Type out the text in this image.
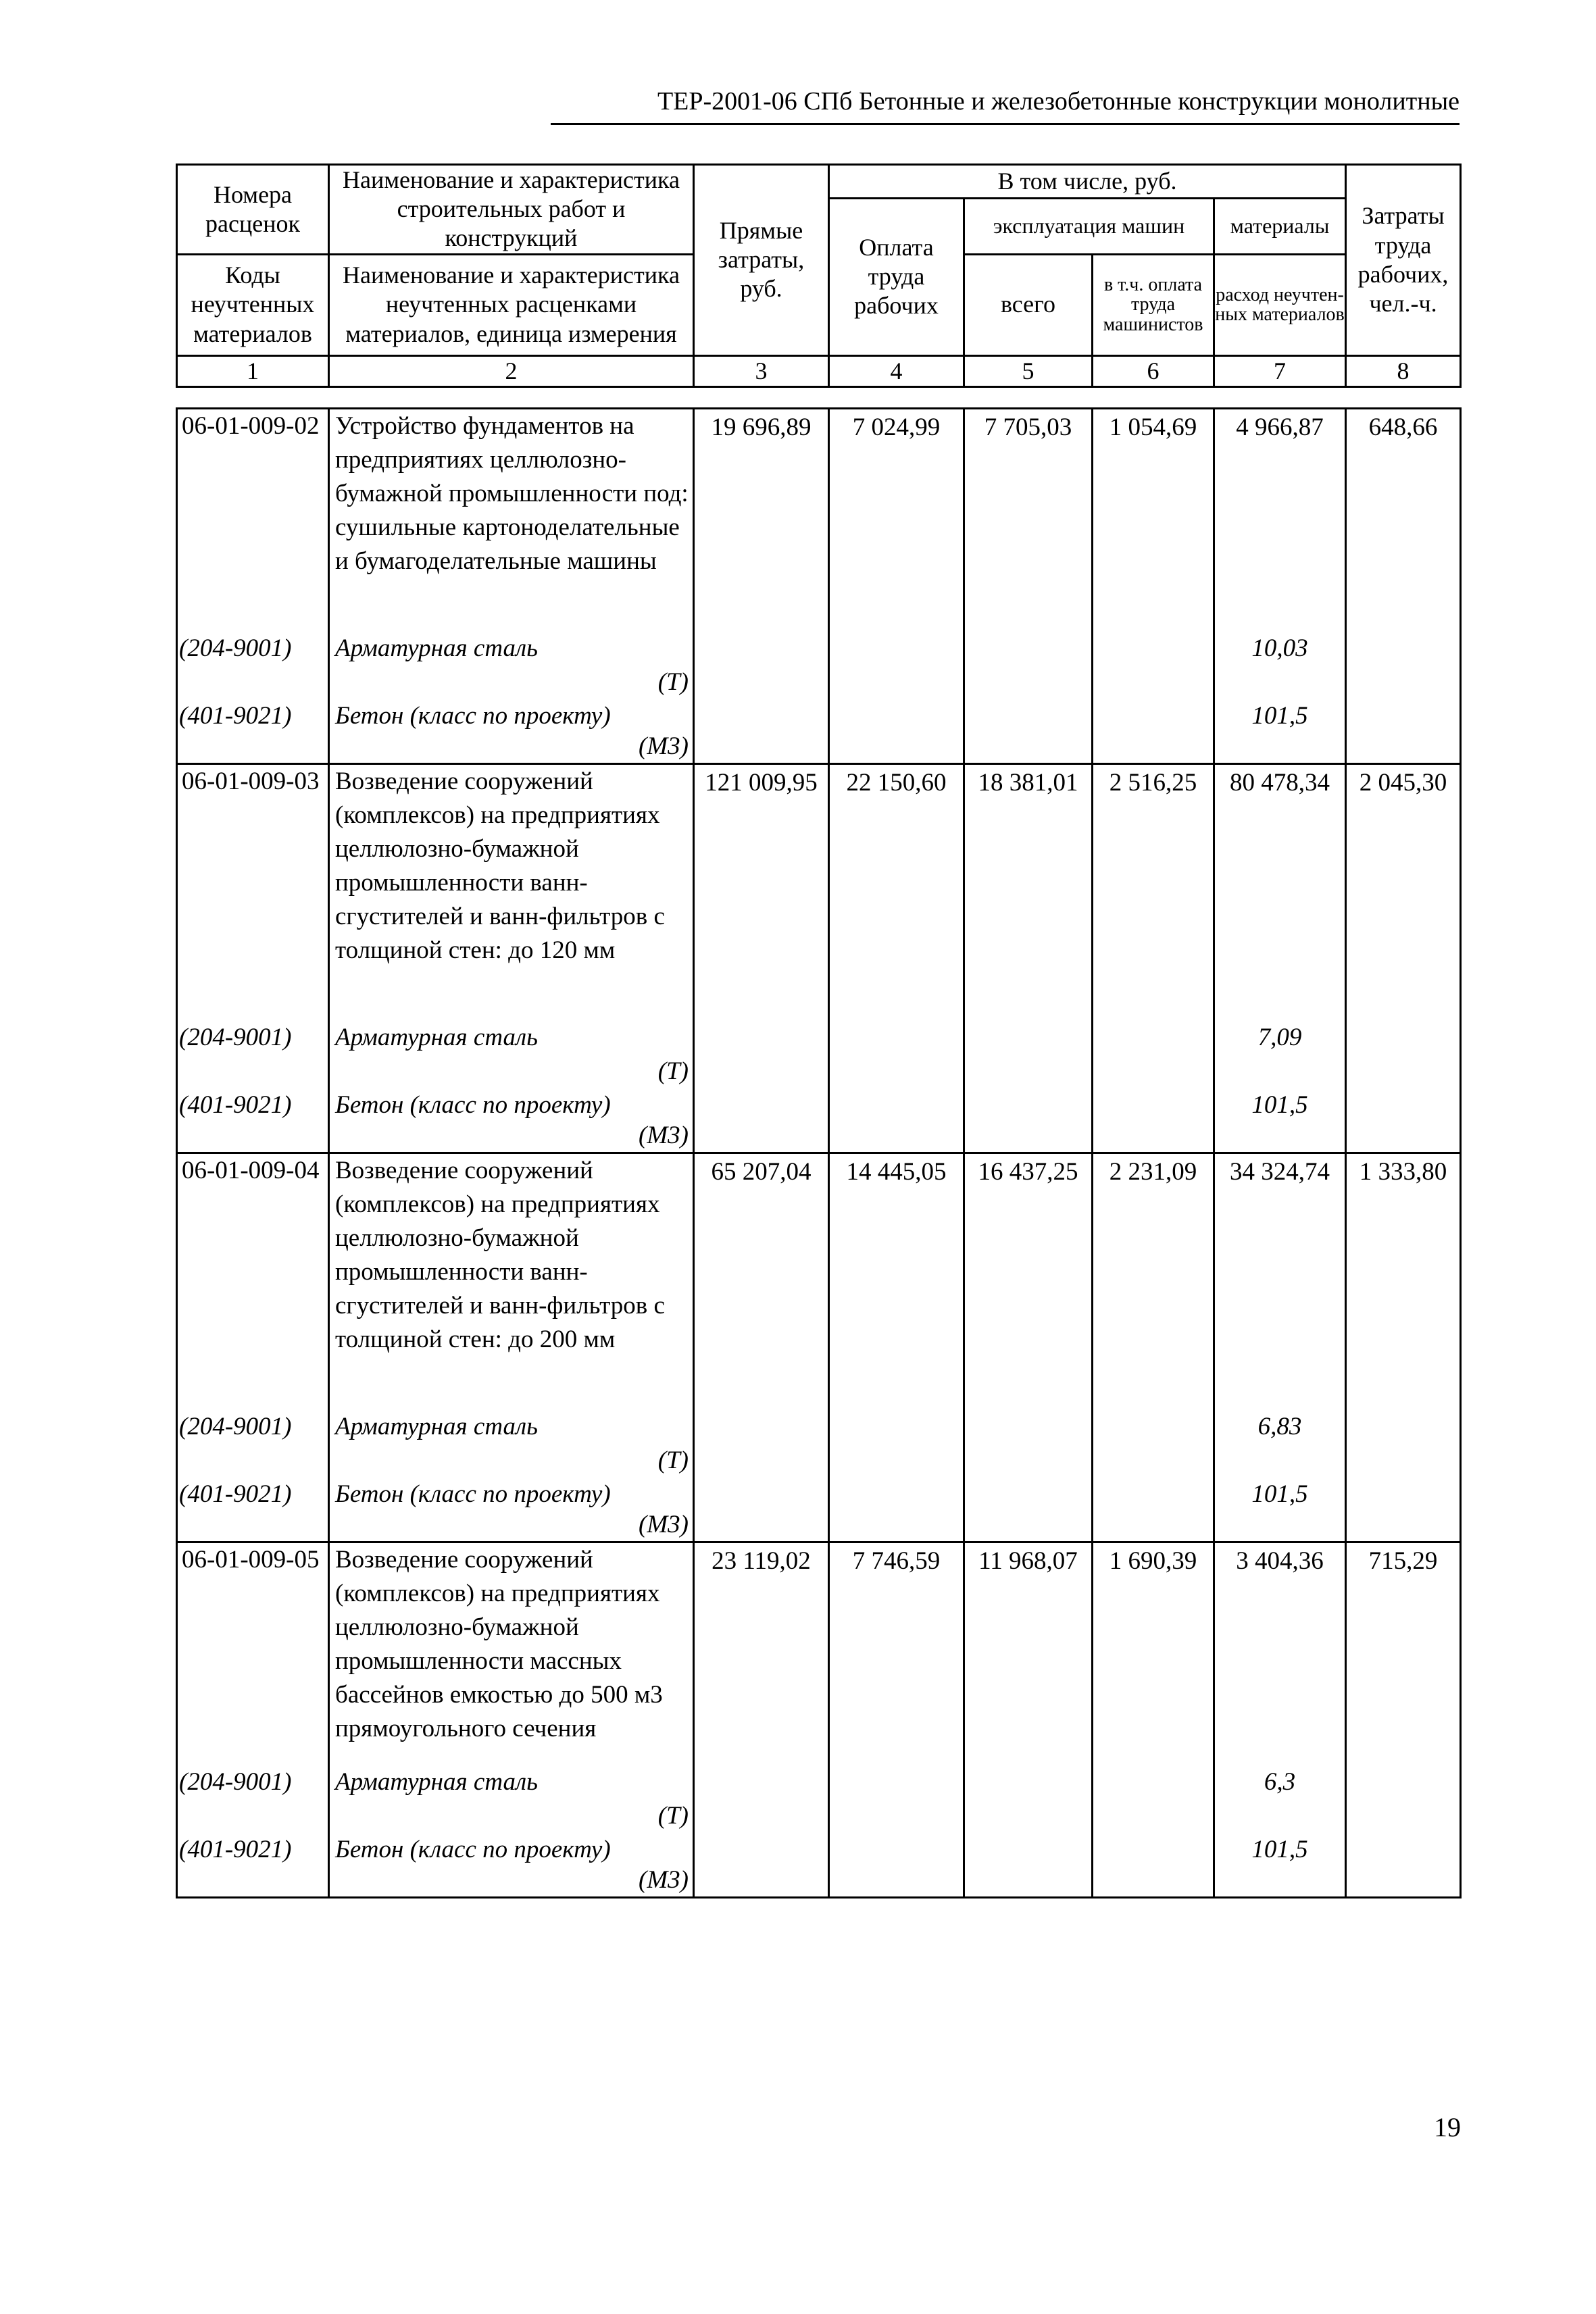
ТЕР-2001-06 СПб Бетонные и железобетонные конструкции монолитные
Номера расценок	Наименование и характеристика строительных работ и конструкций	Прямые затраты, руб.	В том числе, руб.				Затраты труда рабочих, чел.-ч.
			Оплата труда рабочих	эксплуатация машин		материалы	
Коды неучтенных материалов	Наименование и характеристика неучтенных расценками материалов, единица измерения			всего	в т.ч. оплата труда машинистов	расход неучтен-ных материалов	

1	2	3	4	5	6	7	8
06-01-009-02	Устройство фундаментов на предприятиях целлюлозно-бумажной промышленности под: сушильные картоноделательные и бумагоделательные машины	19 696,89	7 024,99	7 705,03	1 054,69	4 966,87	648,66
(204-9001)	Арматурная сталь					10,03	
	(Т)						
(401-9021)	Бетон (класс по проекту)					101,5	
	(М3)						
06-01-009-03	Возведение сооружений (комплексов) на предприятиях целлюлозно-бумажной промышленности ванн-сгустителей и ванн-фильтров с толщиной стен: до 120 мм	121 009,95	22 150,60	18 381,01	2 516,25	80 478,34	2 045,30
(204-9001)	Арматурная сталь					7,09	
	(Т)						
(401-9021)	Бетон (класс по проекту)					101,5	
	(М3)						
06-01-009-04	Возведение сооружений (комплексов) на предприятиях целлюлозно-бумажной промышленности ванн-сгустителей и ванн-фильтров с толщиной стен: до 200 мм	65 207,04	14 445,05	16 437,25	2 231,09	34 324,74	1 333,80
(204-9001)	Арматурная сталь					6,83	
	(Т)						
(401-9021)	Бетон (класс по проекту)					101,5	
	(М3)						
06-01-009-05	Возведение сооружений (комплексов) на предприятиях целлюлозно-бумажной промышленности массных бассейнов емкостью до 500 м3 прямоугольного сечения	23 119,02	7 746,59	11 968,07	1 690,39	3 404,36	715,29
(204-9001)	Арматурная сталь					6,3	
	(Т)						
(401-9021)	Бетон (класс по проекту)					101,5	
	(М3)						
19
